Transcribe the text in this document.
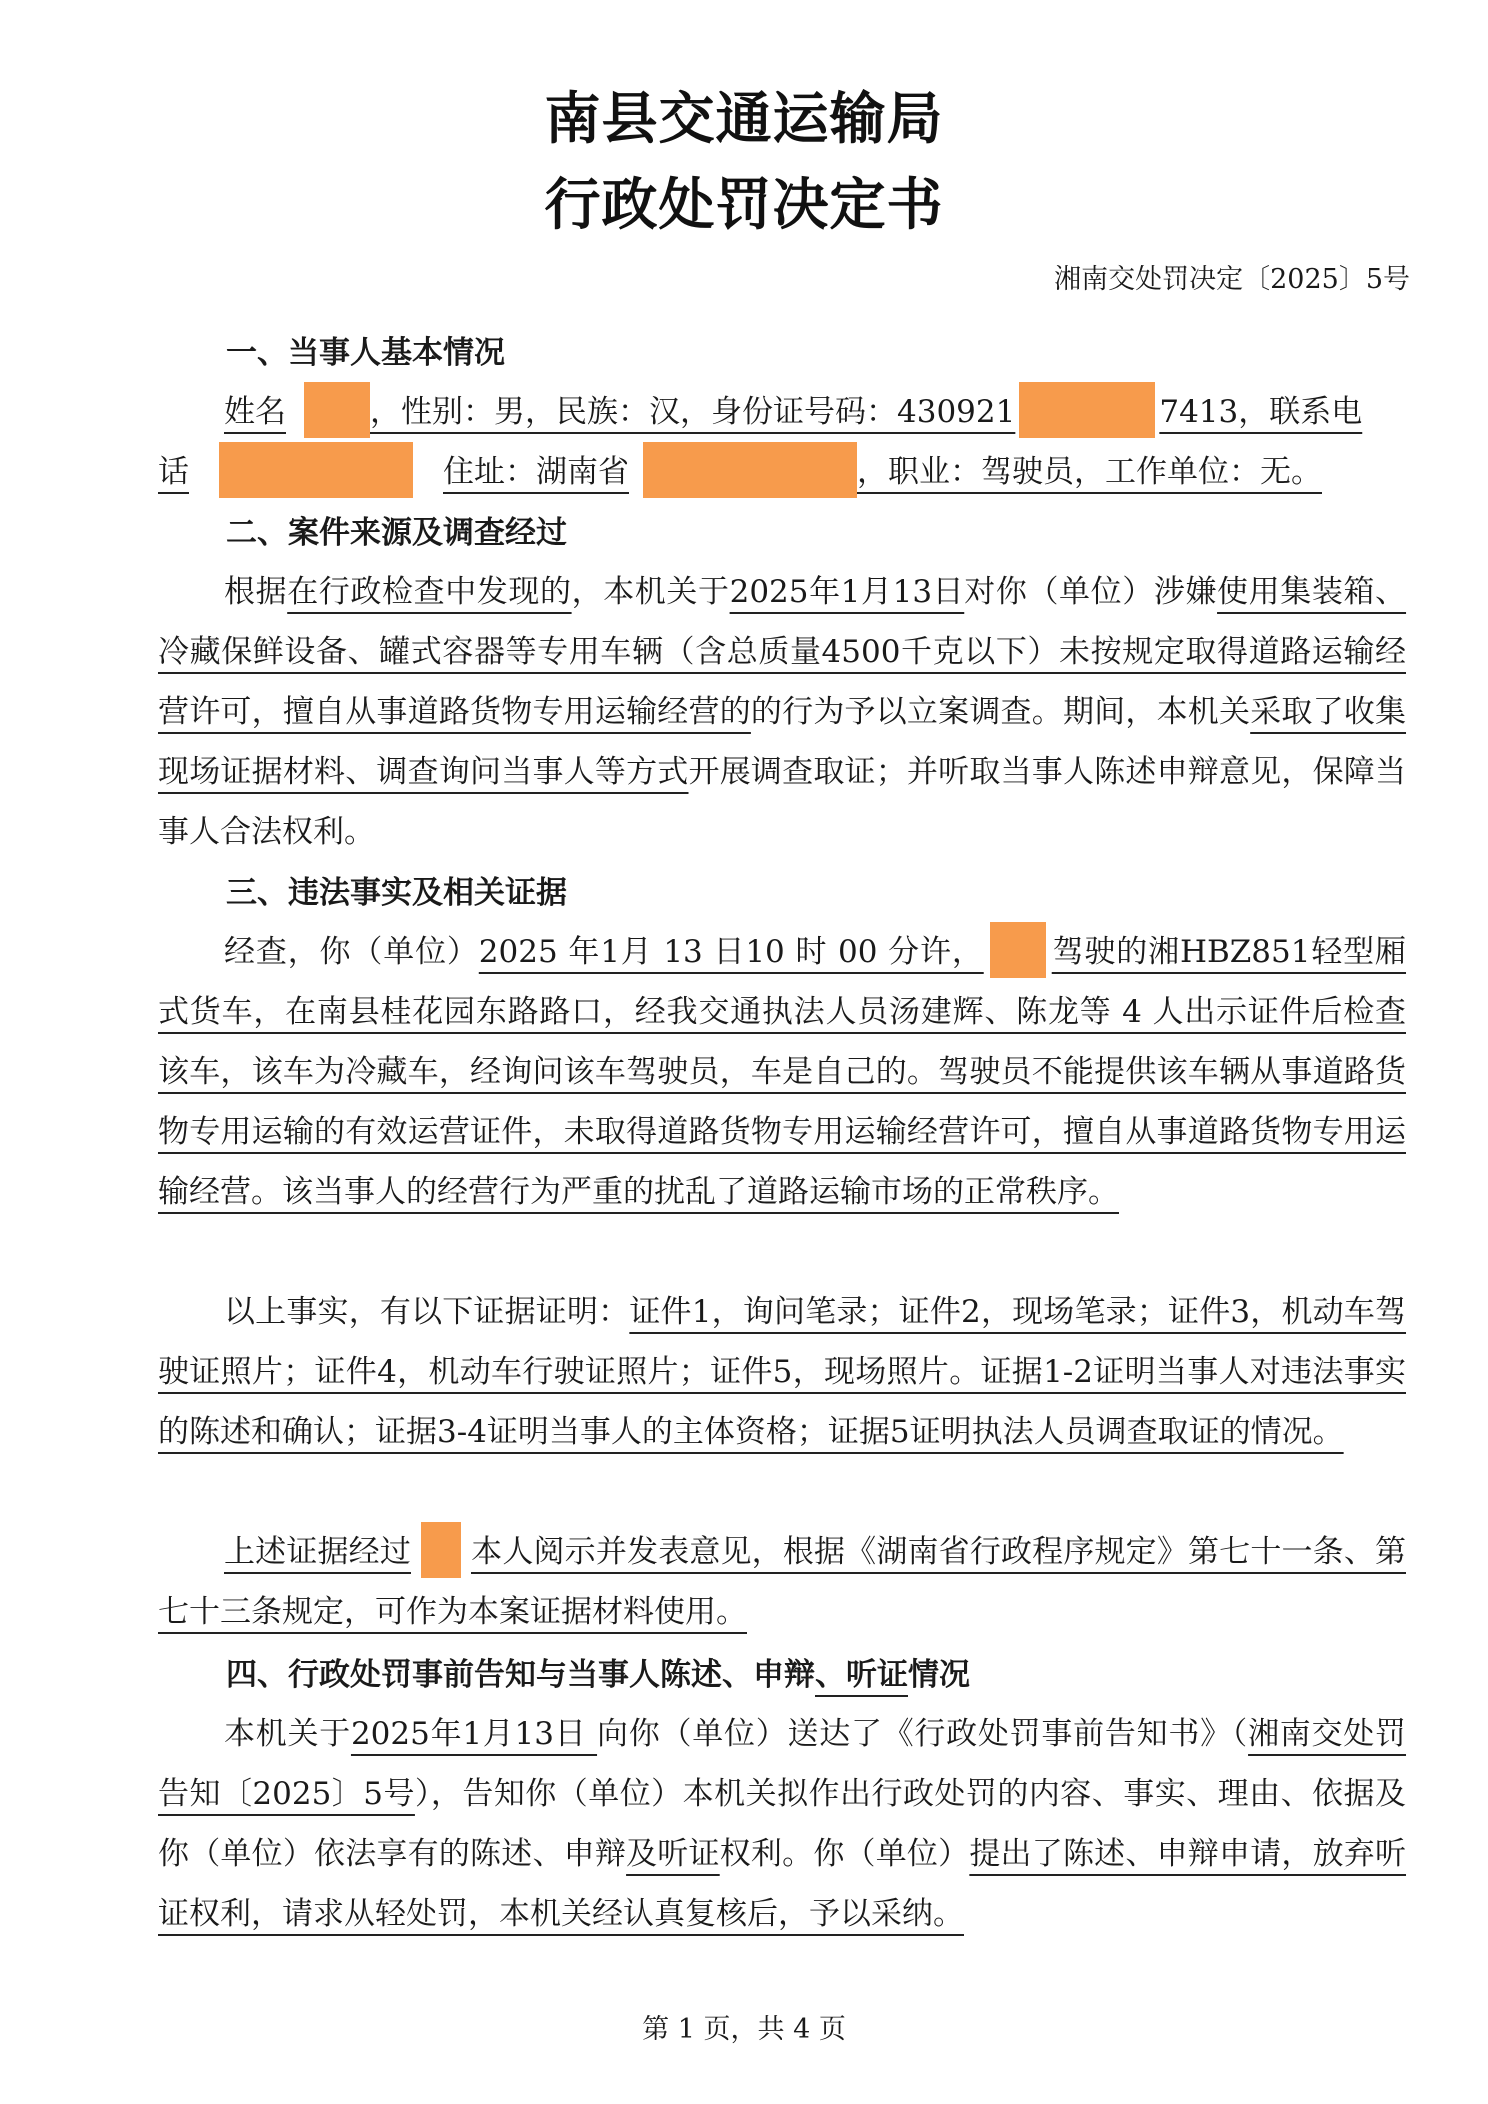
南县交通运输局
行政处罚决定书
湘南交处罚决定〔2025〕5号
一、当事人基本情况
姓名	，性别：男，民族：汉，身份证号码：430921	7413，联系电
话	住址：湖南省	，职业：驾驶员，工作单位：无。
二、案件来源及调查经过

根据在行政检查中发现的，本机关于2025年1月13日对你（单位）涉嫌使用集装箱、冷藏保鲜设备、罐式容器等专用车辆（含总质量4500千克以下）未按规定取得道路运输经营许可，擅自从事道路货物专用运输经营的的行为予以立案调查。期间，本机关采取了收集现场证据材料、调查询问当事人等方式开展调查取证；并听取当事人陈述申辩意见，保障当事人合法权利。

三、违法事实及相关证据

经查，你（单位）2025 年1月 13 日10 时 00 分许， 驾驶的湘HBZ851轻型厢式货车，在南县桂花园东路路口，经我交通执法人员汤建辉、陈龙等 4 人出示证件后检查该车，该车为冷藏车，经询问该车驾驶员，车是自己的。驾驶员不能提供该车辆从事道路货物专用运输的有效运营证件，未取得道路货物专用运输经营许可，擅自从事道路货物专用运输经营。该当事人的经营行为严重的扰乱了道路运输市场的正常秩序。

以上事实，有以下证据证明：证件1，询问笔录；证件2，现场笔录；证件3，机动车驾驶证照片；证件4，机动车行驶证照片；证件5，现场照片。证据1-2证明当事人对违法事实的陈述和确认；证据3-4证明当事人的主体资格；证据5证明执法人员调查取证的情况。

上述证据经过 本人阅示并发表意见，根据《湖南省行政程序规定》第七十一条、第七十三条规定，可作为本案证据材料使用。

四、行政处罚事前告知与当事人陈述、申辩、听证情况

本机关于2025年1月13日 向你（单位）送达了《行政处罚事前告知书》（湘南交处罚告知〔2025〕5号），告知你（单位）本机关拟作出行政处罚的内容、事实、理由、依据及你（单位）依法享有的陈述、申辩及听证权利。你（单位）提出了陈述、申辩申请，放弃听证权利，请求从轻处罚，本机关经认真复核后，予以采纳。

第 1 页，共 4 页
